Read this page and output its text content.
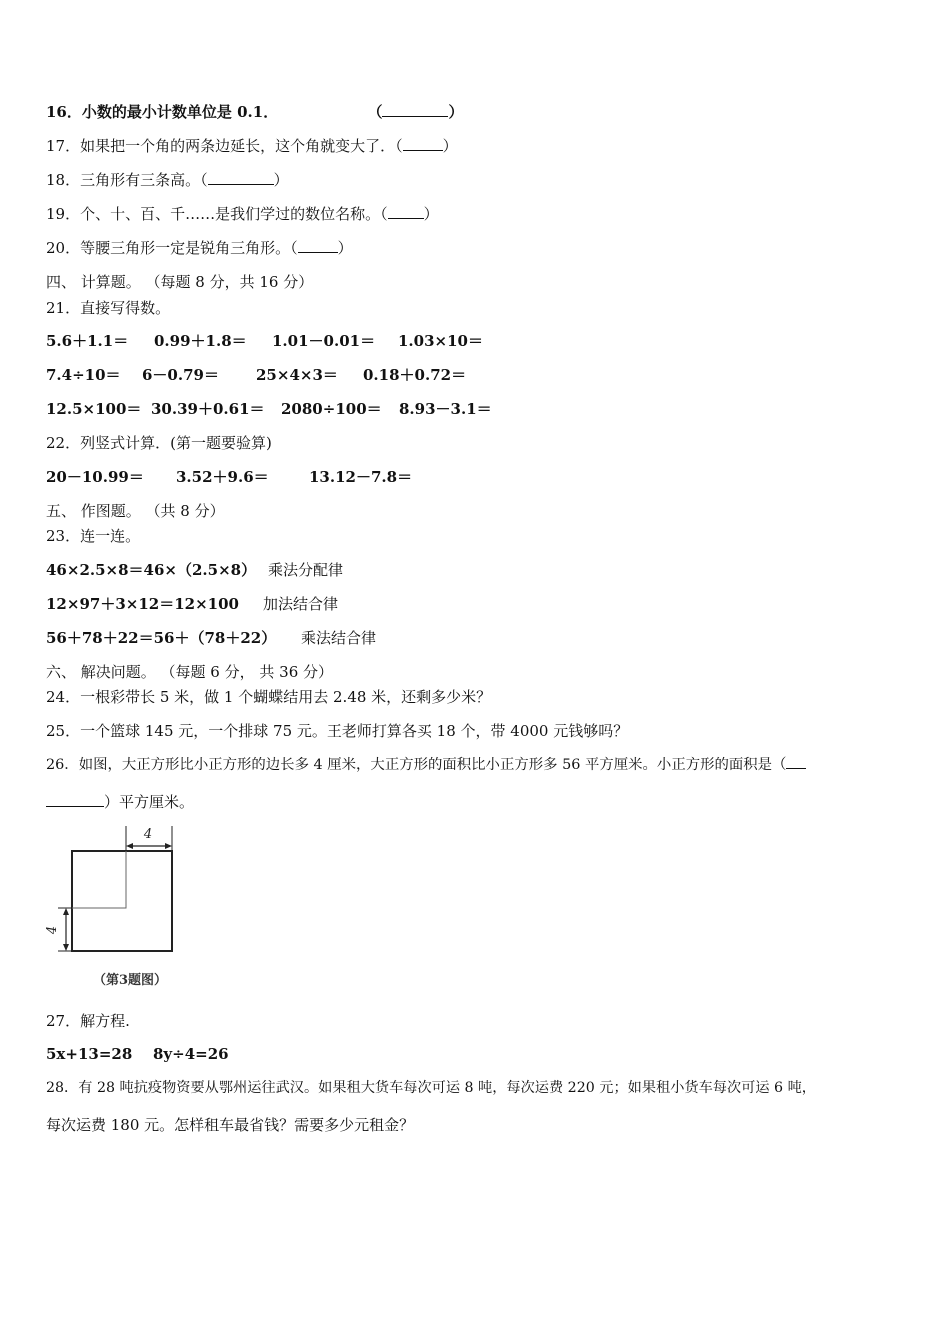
16．小数的最小计数单位是 0.1．	（	）
17．如果把一个角的两条边延长，这个角就变大了．（	）
18．三角形有三条高。（	）
19．个、十、百、千……是我们学过的数位名称。（ ）
20．等腰三角形一定是锐角三角形。（	）
四、 计算题。 （每题 8 分，共 16 分）
21．直接写得数。
5.6＋1.1＝ 0.99＋1.8＝ 1.01－0.01＝ 1.03×10＝
7.4÷10＝ 6－0.79＝ 25×4×3＝ 0.18＋0.72＝
12.5×100＝ 30.39＋0.61＝ 2080÷100＝ 8.93－3.1＝
22．列竖式计算．(第一题要验算)
20－10.99＝ 3.52＋9.6＝	13.12－7.8＝
五、 作图题。 （共 8 分）
23．连一连。
46×2.5×8＝46×（2.5×8） 乘法分配律
12×97＋3×12＝12×100 加法结合律
56＋78＋22＝56＋（78＋22） 乘法结合律
六、 解决问题。 （每题 6 分， 共 36 分）
24．一根彩带长 5 米，做 1 个蝴蝶结用去 2.48 米，还剩多少米？
25．一个篮球 145 元，一个排球 75 元。王老师打算各买 18 个，带 4000 元钱够吗？
26．如图，大正方形比小正方形的边长多 4 厘米，大正方形的面积比小正方形多 56 平方厘米。小正方形的面积是（
）平方厘米。
4
4
（第3题图）
27．解方程.
5x+13=28 8y÷4=26
28．有 28 吨抗疫物资要从鄂州运往武汉。如果租大货车每次可运 8 吨，每次运费 220 元；如果租小货车每次可运 6 吨，
每次运费 180 元。怎样租车最省钱？需要多少元租金？
